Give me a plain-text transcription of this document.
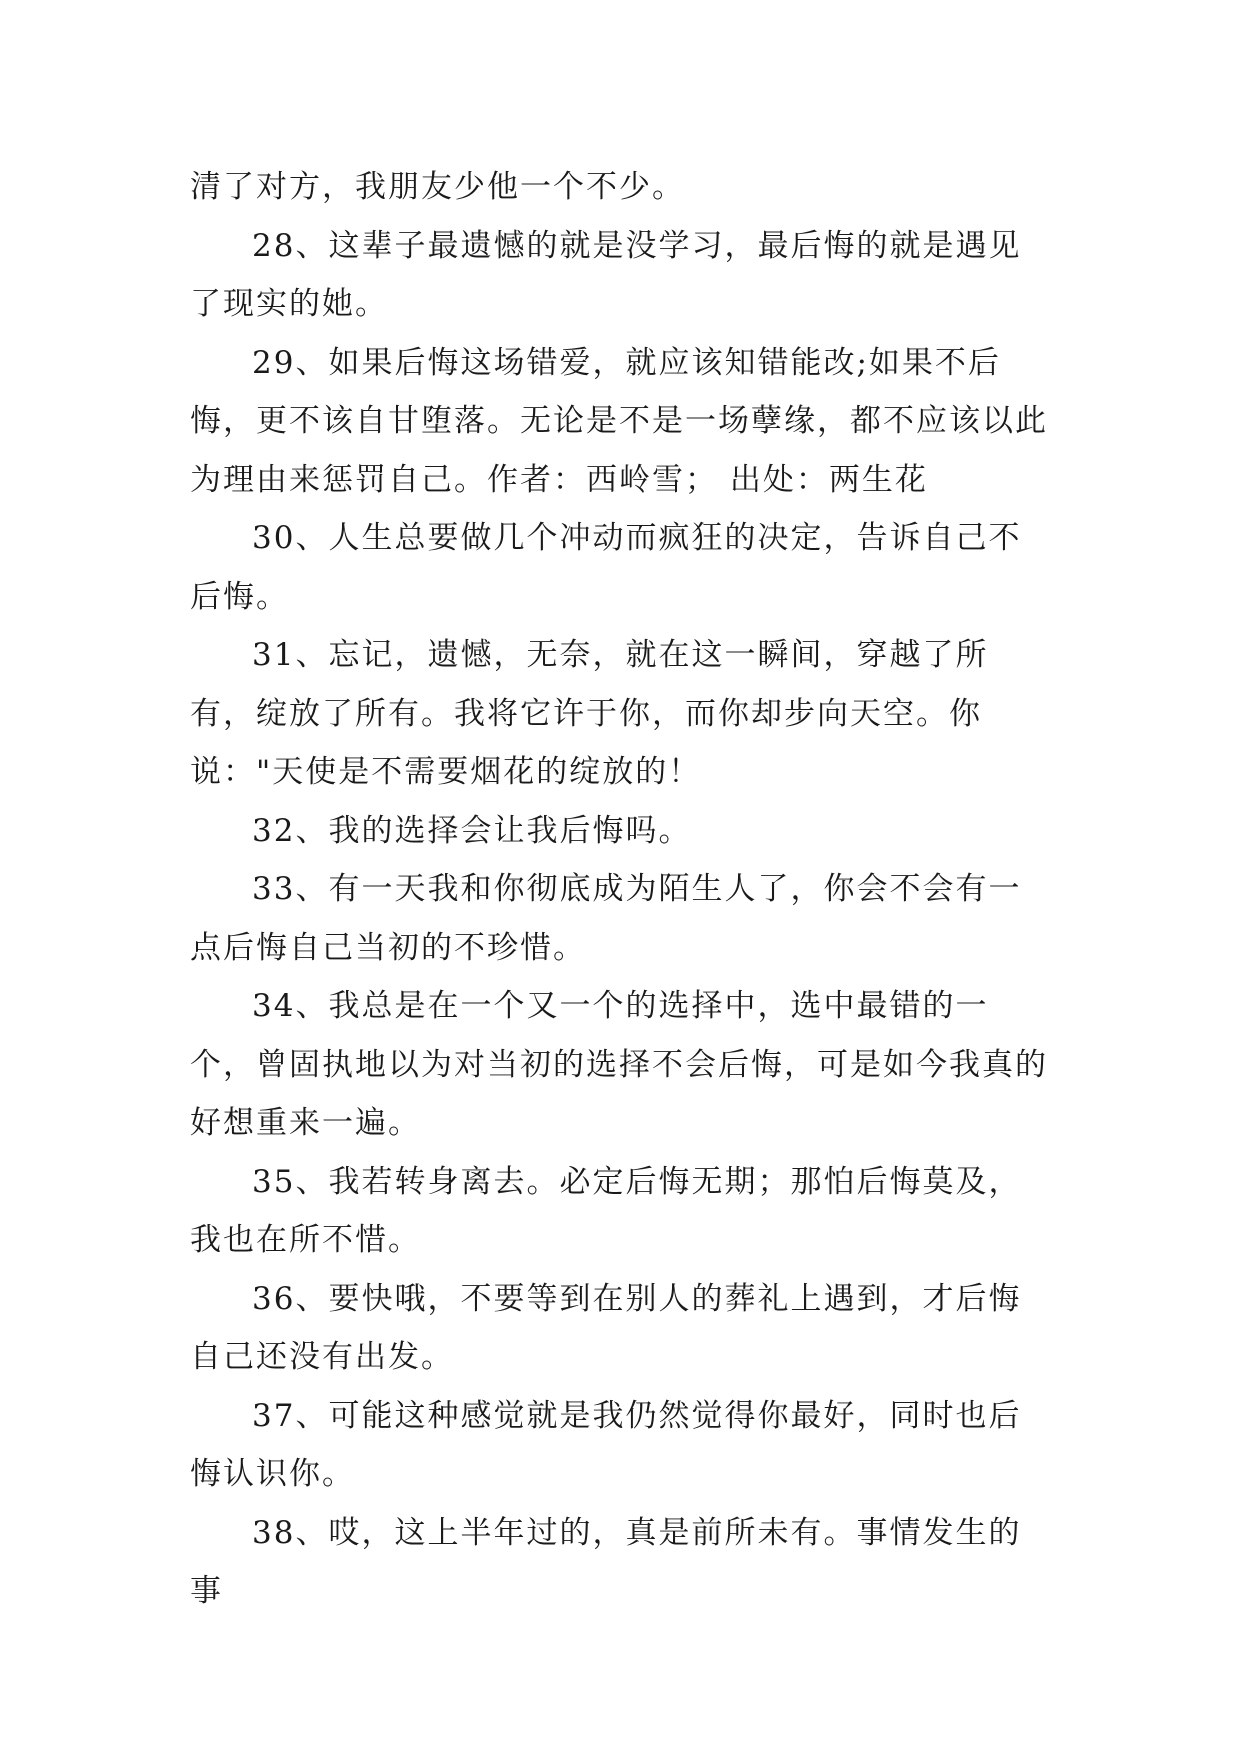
清了对方，我朋友少他一个不少。

28、这辈子最遗憾的就是没学习，最后悔的就是遇见了现实的她。

29、如果后悔这场错爱，就应该知错能改;如果不后悔，更不该自甘堕落。无论是不是一场孽缘，都不应该以此为理由来惩罚自己。作者：西岭雪； 出处：两生花

30、人生总要做几个冲动而疯狂的决定，告诉自己不后悔。

31、忘记，遗憾，无奈，就在这一瞬间，穿越了所有，绽放了所有。我将它许于你，而你却步向天空。你说："天使是不需要烟花的绽放的！

32、我的选择会让我后悔吗。

33、有一天我和你彻底成为陌生人了，你会不会有一点后悔自己当初的不珍惜。

34、我总是在一个又一个的选择中，选中最错的一个，曾固执地以为对当初的选择不会后悔，可是如今我真的好想重来一遍。

35、我若转身离去。必定后悔无期；那怕后悔莫及，我也在所不惜。

36、要快哦，不要等到在别人的葬礼上遇到，才后悔自己还没有出发。

37、可能这种感觉就是我仍然觉得你最好，同时也后悔认识你。

38、哎，这上半年过的，真是前所未有。事情发生的事
